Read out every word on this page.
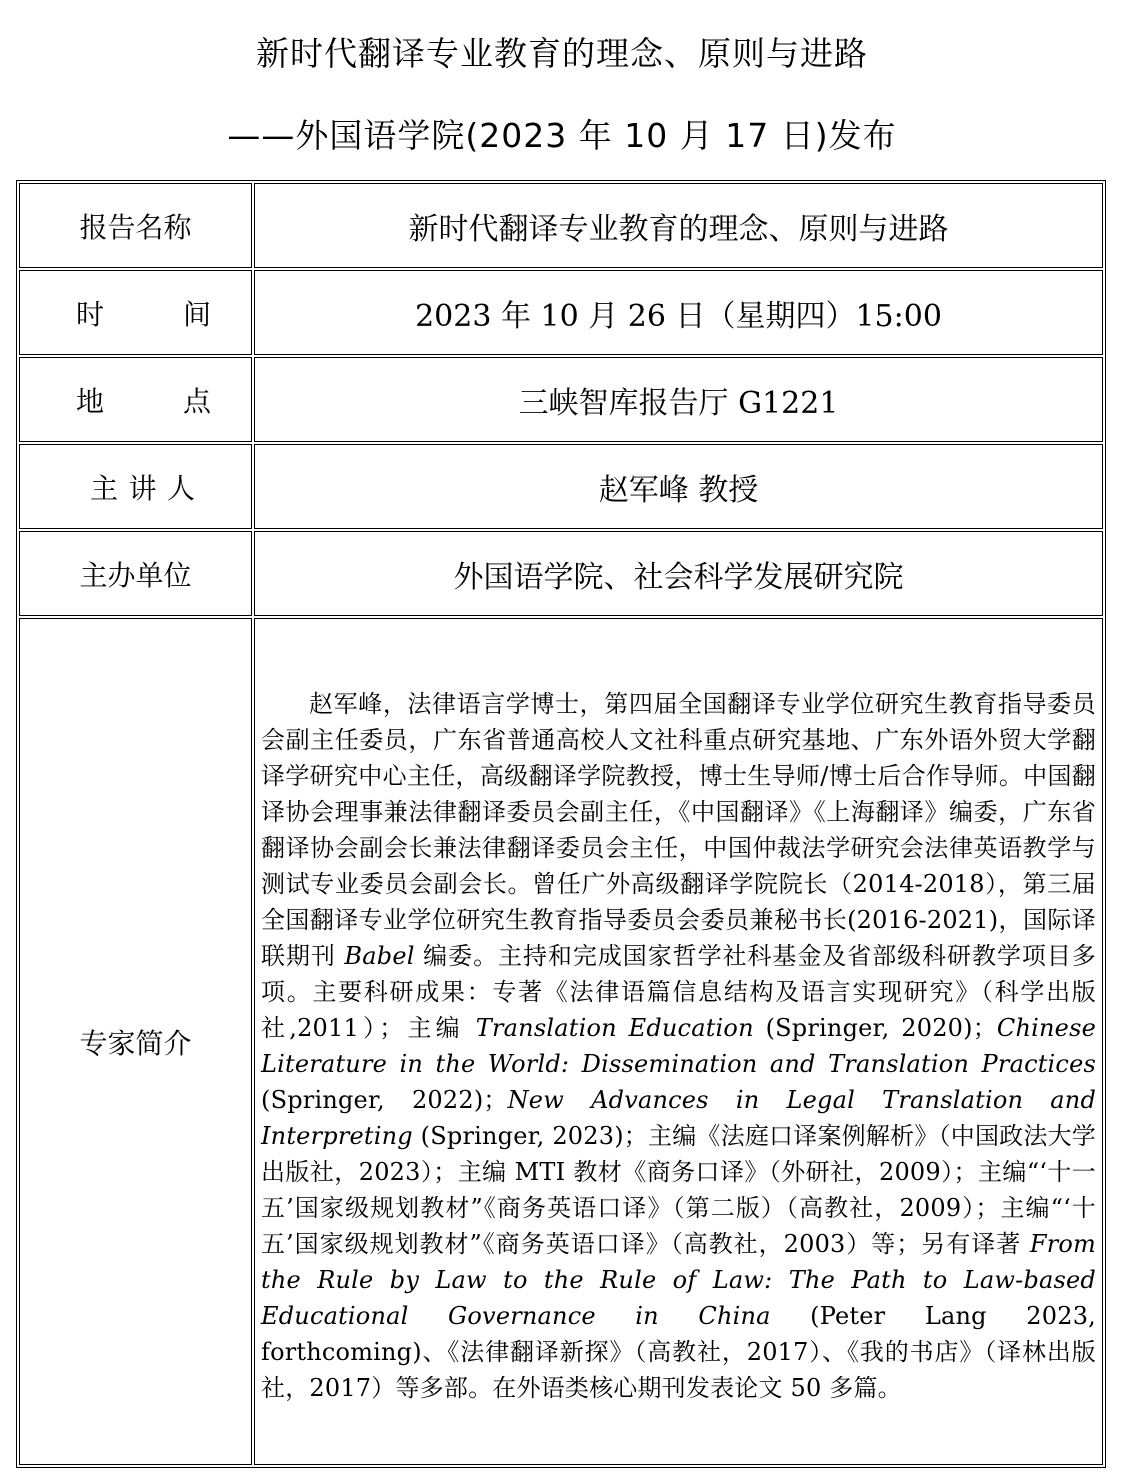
新时代翻译专业教育的理念、原则与进路
——外国语学院(2023 年 10 月 17 日)发布
报告名称	新时代翻译专业教育的理念、原则与进路

时 间	2023 年 10 月 26 日（星期四）15:00

地 点	三峡智库报告厅 G1221

主 讲 人	赵军峰 教授

主办单位	外国语学院、社会科学发展研究院

专家简介	赵军峰，法律语言学博士，第四届全国翻译专业学位研究生教育指导委员会副主任委员，广东省普通高校人文社科重点研究基地、广东外语外贸大学翻译学研究中心主任，高级翻译学院教授，博士生导师/博士后合作导师。中国翻译协会理事兼法律翻译委员会副主任，《中国翻译》《上海翻译》编委，广东省翻译协会副会长兼法律翻译委员会主任，中国仲裁法学研究会法律英语教学与测试专业委员会副会长。曾任广外高级翻译学院院长（2014-2018），第三届全国翻译专业学位研究生教育指导委员会委员兼秘书长(2016-2021)，国际译联期刊 Babel 编委。主持和完成国家哲学社科基金及省部级科研教学项目多项。主要科研成果：专著《法律语篇信息结构及语言实现研究》（科学出版社,2011）；主编 Translation Education (Springer, 2020)；Chinese Literature in the World: Dissemination and Translation Practices (Springer, 2022)；New Advances in Legal Translation and Interpreting (Springer, 2023)；主编《法庭口译案例解析》（中国政法大学出版社，2023）；主编 MTI 教材《商务口译》（外研社，2009）；主编“‘十一五’国家级规划教材”《商务英语口译》（第二版）（高教社，2009）；主编“‘十五’国家级规划教材”《商务英语口译》（高教社，2003）等；另有译著 From the Rule by Law to the Rule of Law: The Path to Law-based Educational Governance in China (Peter Lang 2023, forthcoming)、《法律翻译新探》（高教社，2017）、《我的书店》（译林出版社，2017）等多部。在外语类核心期刊发表论文 50 多篇。
